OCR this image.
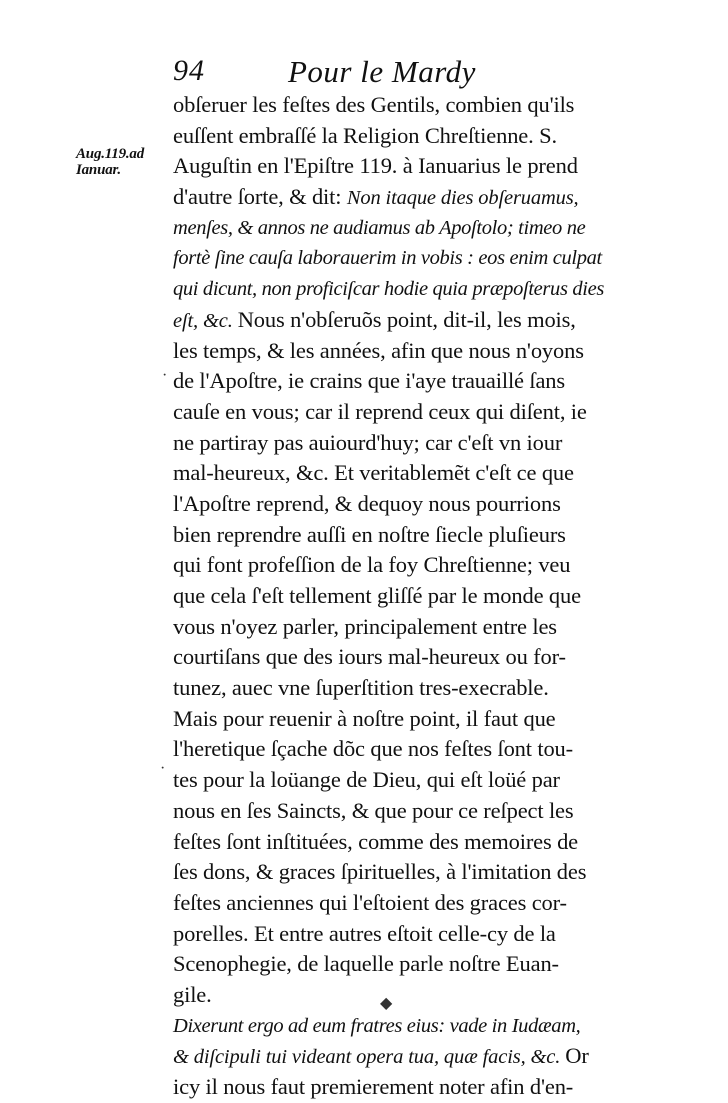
94	Pour le Mardy
Aug.119.ad
Ianuar.
obſeruer les feſtes des Gentils, combien qu'ils
euſſent embraſſé la Religion Chreſtienne. S.
Auguſtin en l'Epiſtre 119. à Ianuarius le prend
d'autre ſorte, & dit: Non itaque dies obſeruamus,
menſes, & annos ne audiamus ab Apoſtolo; timeo ne
fortè ſine cauſa laborauerim in vobis : eos enim culpat
qui dicunt, non proficiſcar hodie quia præpoſterus dies
eſt, &c. Nous n'obſeruõs point, dit-il, les mois,
les temps, & les années, afin que nous n'oyons
de l'Apoſtre, ie crains que i'aye trauaillé ſans
cauſe en vous; car il reprend ceux qui diſent, ie
ne partiray pas auiourd'huy; car c'eſt vn iour
mal-heureux, &c. Et veritablemẽt c'eſt ce que
l'Apoſtre reprend, & dequoy nous pourrions
bien reprendre auſſi en noſtre ſiecle pluſieurs
qui font profeſſion de la foy Chreſtienne; veu
que cela ſ'eſt tellement gliſſé par le monde que
vous n'oyez parler, principalement entre les
courtiſans que des iours mal-heureux ou for-
tunez, auec vne ſuperſtition tres-execrable.
Mais pour reuenir à noſtre point, il faut que
l'heretique ſçache dõc que nos feſtes ſont tou-
tes pour la loüange de Dieu, qui eſt loüé par
nous en ſes Saincts, & que pour ce reſpect les
feſtes ſont inſtituées, comme des memoires de
ſes dons, & graces ſpirituelles, à l'imitation des
feſtes anciennes qui l'eſtoient des graces cor-
porelles. Et entre autres eſtoit celle-cy de la
Scenophegie, de laquelle parle noſtre Euan-
gile.
Dixerunt ergo ad eum fratres eius: vade in Iudæam,
& diſcipuli tui videant opera tua, quæ facis, &c. Or
icy il nous faut premierement noter afin d'en-
·
·
◆
